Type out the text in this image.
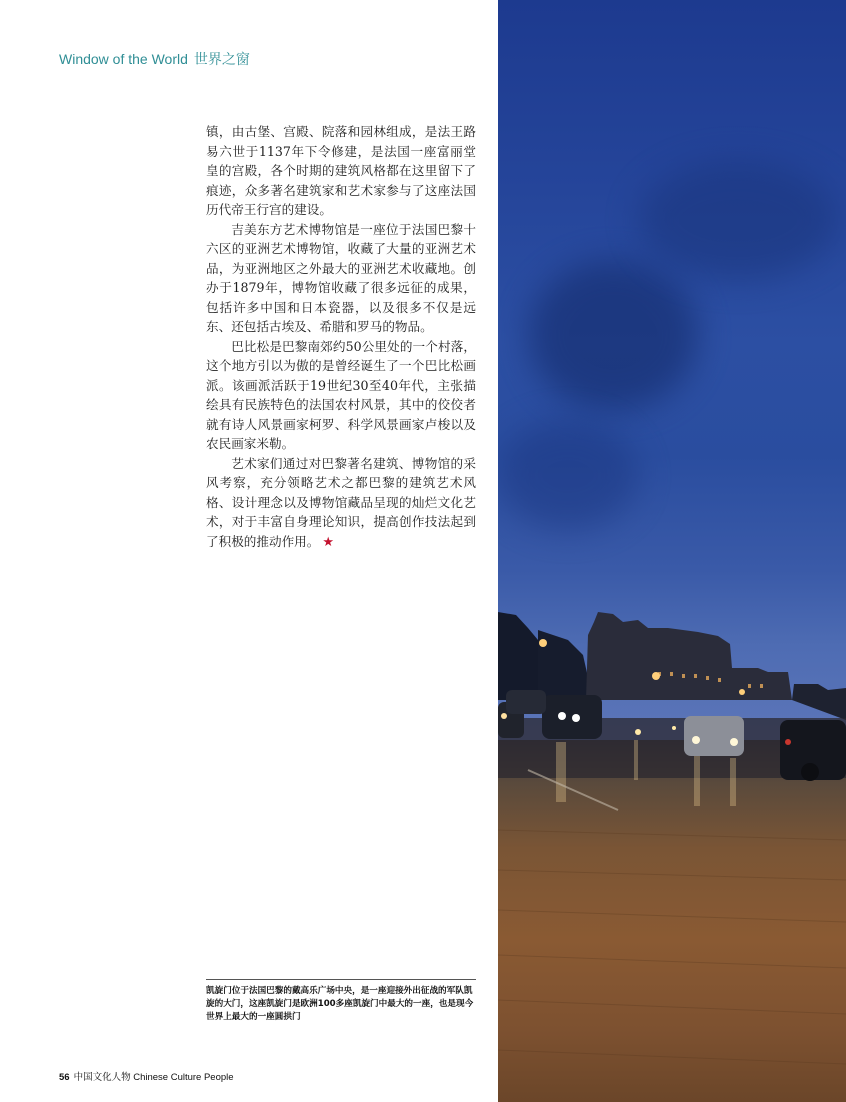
Window of the World 世界之窗

镇，由古堡、宫殿、院落和园林组成，是法王路易六世于1137年下令修建，是法国一座富丽堂皇的宫殿，各个时期的建筑风格都在这里留下了痕迹，众多著名建筑家和艺术家参与了这座法国历代帝王行宫的建设。

吉美东方艺术博物馆是一座位于法国巴黎十六区的亚洲艺术博物馆，收藏了大量的亚洲艺术品，为亚洲地区之外最大的亚洲艺术收藏地。创办于1879年，博物馆收藏了很多远征的成果，包括许多中国和日本瓷器，以及很多不仅是远东、还包括古埃及、希腊和罗马的物品。

巴比松是巴黎南郊约50公里处的一个村落，这个地方引以为傲的是曾经诞生了一个巴比松画派。该画派活跃于19世纪30至40年代，主张描绘具有民族特色的法国农村风景，其中的佼佼者就有诗人风景画家柯罗、科学风景画家卢梭以及农民画家米勒。

艺术家们通过对巴黎著名建筑、博物馆的采风考察，充分领略艺术之都巴黎的建筑艺术风格、设计理念以及博物馆藏品呈现的灿烂文化艺术，对于丰富自身理论知识，提高创作技法起到了积极的推动作用。 ★

凯旋门位于法国巴黎的戴高乐广场中央，是一座迎接外出征战的军队凯旋的大门，这座凯旋门是欧洲100多座凯旋门中最大的一座，也是现今世界上最大的一座圆拱门
56 中国文化人物 Chinese Culture People
